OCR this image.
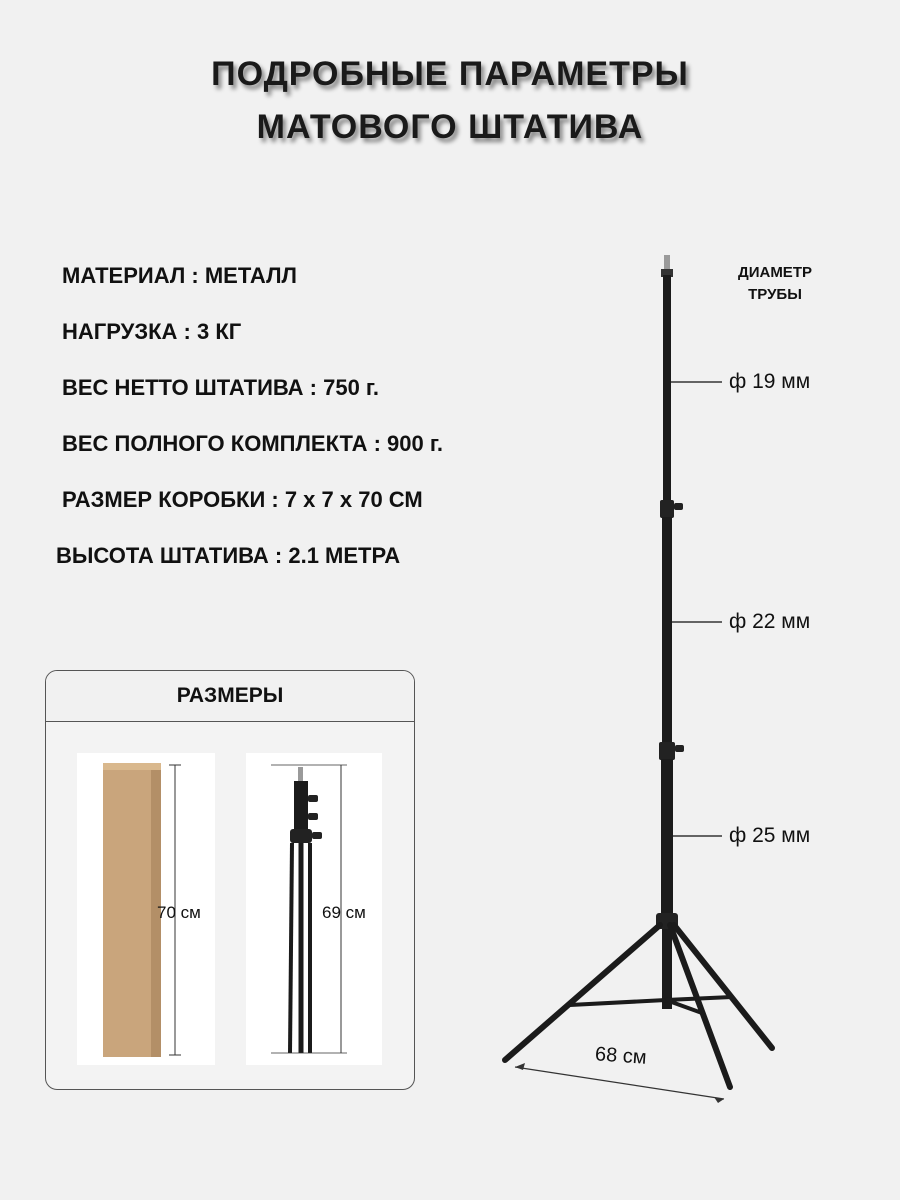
ПОДРОБНЫЕ ПАРАМЕТРЫ
МАТОВОГО ШТАТИВА
МАТЕРИАЛ : МЕТАЛЛ
НАГРУЗКА : 3 КГ
ВЕС НЕТТО ШТАТИВА : 750 г.
ВЕС ПОЛНОГО КОМПЛЕКТА : 900 г.
РАЗМЕР КОРОБКИ : 7 х 7 х 70 СМ
ВЫСОТА ШТАТИВА : 2.1 МЕТРА
ДИАМЕТР
ТРУБЫ
ф 19 мм
ф 22 мм
ф 25 мм
68 см
РАЗМЕРЫ
70 см	69 см
